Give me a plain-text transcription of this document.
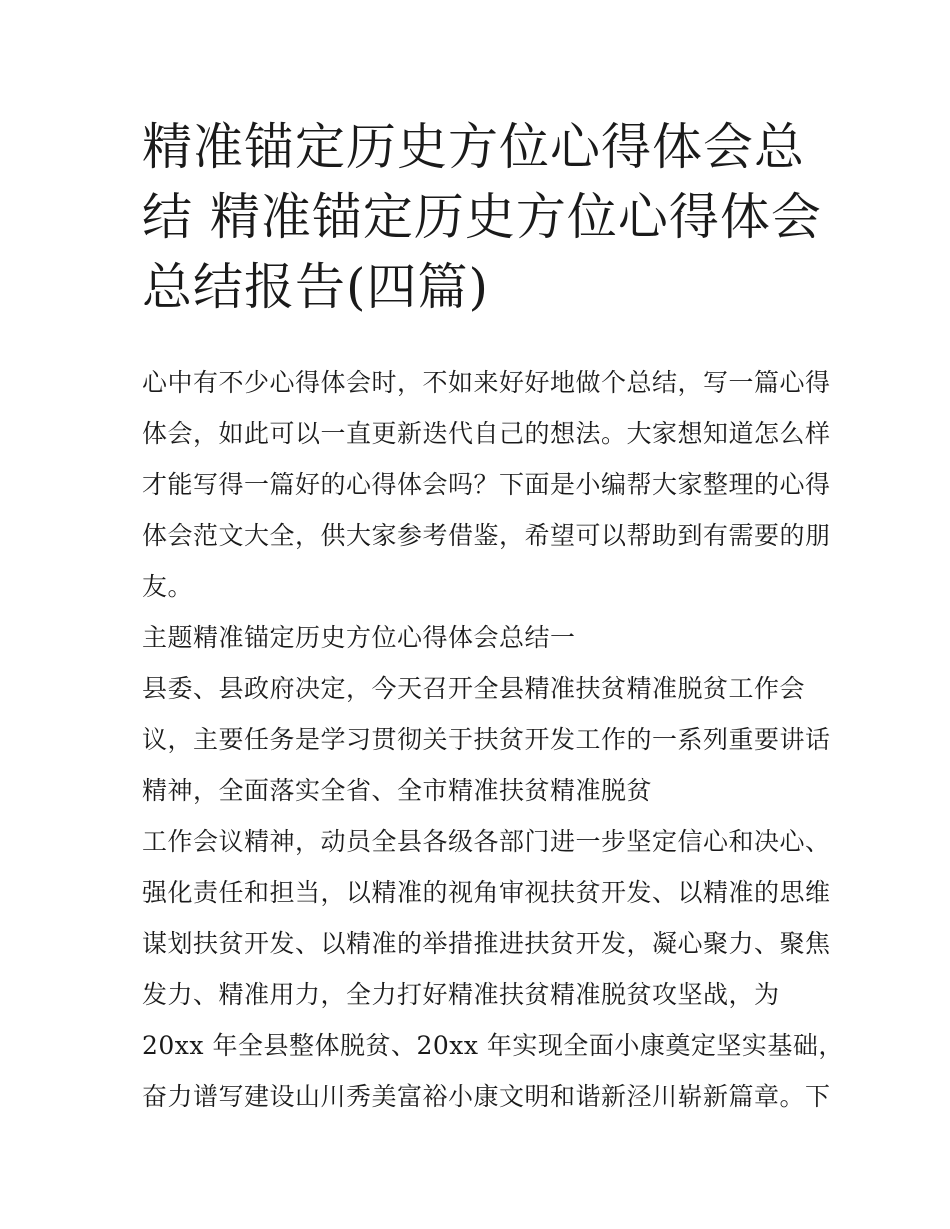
精准锚定历史方位心得体会总
结 精准锚定历史方位心得体会
总结报告(四篇)
心中有不少心得体会时，不如来好好地做个总结，写一篇心得
体会，如此可以一直更新迭代自己的想法。大家想知道怎么样
才能写得一篇好的心得体会吗？下面是小编帮大家整理的心得
体会范文大全，供大家参考借鉴，希望可以帮助到有需要的朋
友。
主题精准锚定历史方位心得体会总结一
县委、县政府决定，今天召开全县精准扶贫精准脱贫工作会
议，主要任务是学习贯彻关于扶贫开发工作的一系列重要讲话
精神，全面落实全省、全市精准扶贫精准脱贫
工作会议精神，动员全县各级各部门进一步坚定信心和决心、
强化责任和担当，以精准的视角审视扶贫开发、以精准的思维
谋划扶贫开发、以精准的举措推进扶贫开发，凝心聚力、聚焦
发力、精准用力，全力打好精准扶贫精准脱贫攻坚战，为
20xx 年全县整体脱贫、20xx 年实现全面小康奠定坚实基础，
奋力谱写建设山川秀美富裕小康文明和谐新泾川崭新篇章。下
